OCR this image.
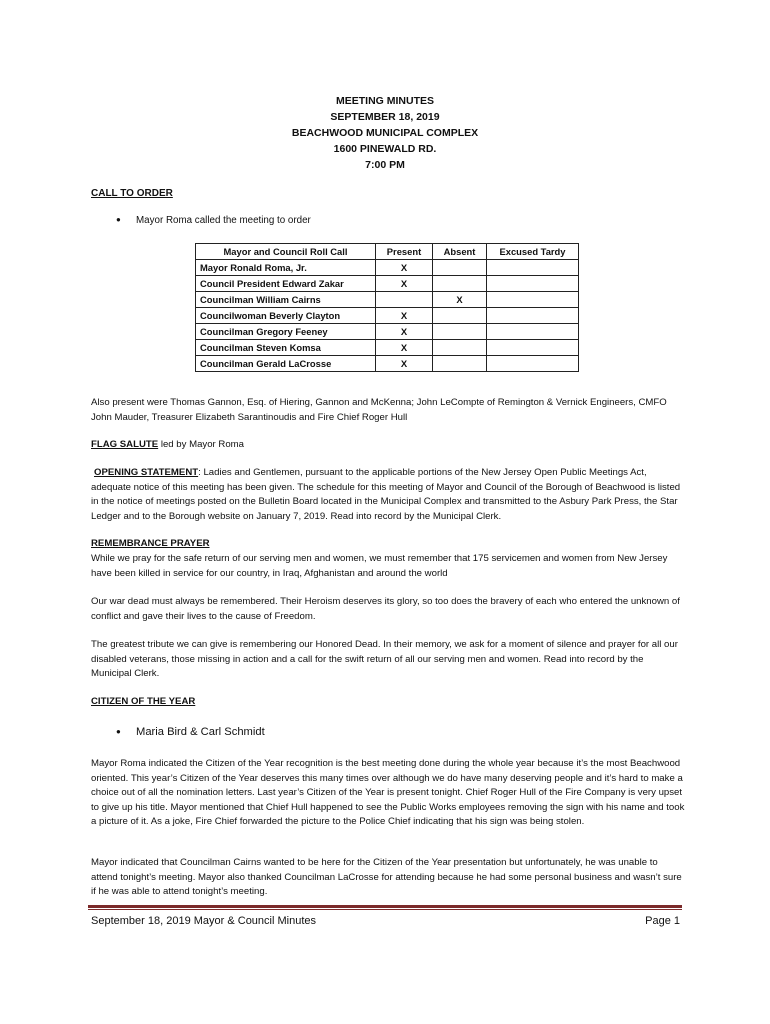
MEETING MINUTES
SEPTEMBER 18, 2019
BEACHWOOD MUNICIPAL COMPLEX
1600 PINEWALD RD.
7:00 PM
CALL TO ORDER
● Mayor Roma called the meeting to order
Mayor and Council Roll Call	Present	Absent	Excused Tardy
Mayor Ronald Roma, Jr.	X		
Council President Edward Zakar	X		
Councilman William Cairns		X	
Councilwoman Beverly Clayton	X		
Councilman Gregory Feeney	X		
Councilman Steven Komsa	X		
Councilman Gerald LaCrosse	X		

Also present were Thomas Gannon, Esq. of Hiering, Gannon and McKenna; John LeCompte of Remington & Vernick Engineers, CMFO John Mauder, Treasurer Elizabeth Sarantinoudis and Fire Chief Roger Hull

FLAG SALUTE led by Mayor Roma

OPENING STATEMENT: Ladies and Gentlemen, pursuant to the applicable portions of the New Jersey Open Public Meetings Act, adequate notice of this meeting has been given. The schedule for this meeting of Mayor and Council of the Borough of Beachwood is listed in the notice of meetings posted on the Bulletin Board located in the Municipal Complex and transmitted to the Asbury Park Press, the Star Ledger and to the Borough website on January 7, 2019. Read into record by the Municipal Clerk.

REMEMBRANCE PRAYER

While we pray for the safe return of our serving men and women, we must remember that 175 servicemen and women from New Jersey have been killed in service for our country, in Iraq, Afghanistan and around the world

Our war dead must always be remembered. Their Heroism deserves its glory, so too does the bravery of each who entered the unknown of conflict and gave their lives to the cause of Freedom.

The greatest tribute we can give is remembering our Honored Dead. In their memory, we ask for a moment of silence and prayer for all our disabled veterans, those missing in action and a call for the swift return of all our serving men and women. Read into record by the Municipal Clerk.

CITIZEN OF THE YEAR
● Maria Bird & Carl Schmidt

Mayor Roma indicated the Citizen of the Year recognition is the best meeting done during the whole year because it’s the most Beachwood oriented. This year’s Citizen of the Year deserves this many times over although we do have many deserving people and it’s hard to make a choice out of all the nomination letters. Last year’s Citizen of the Year is present tonight. Chief Roger Hull of the Fire Company is very upset to give up his title. Mayor mentioned that Chief Hull happened to see the Public Works employees removing the sign with his name and took a picture of it. As a joke, Fire Chief forwarded the picture to the Police Chief indicating that his sign was being stolen.

Mayor indicated that Councilman Cairns wanted to be here for the Citizen of the Year presentation but unfortunately, he was unable to attend tonight’s meeting. Mayor also thanked Councilman LaCrosse for attending because he had some personal business and wasn’t sure if he was able to attend tonight’s meeting.

September 18, 2019 Mayor & Council Minutes	Page 1
